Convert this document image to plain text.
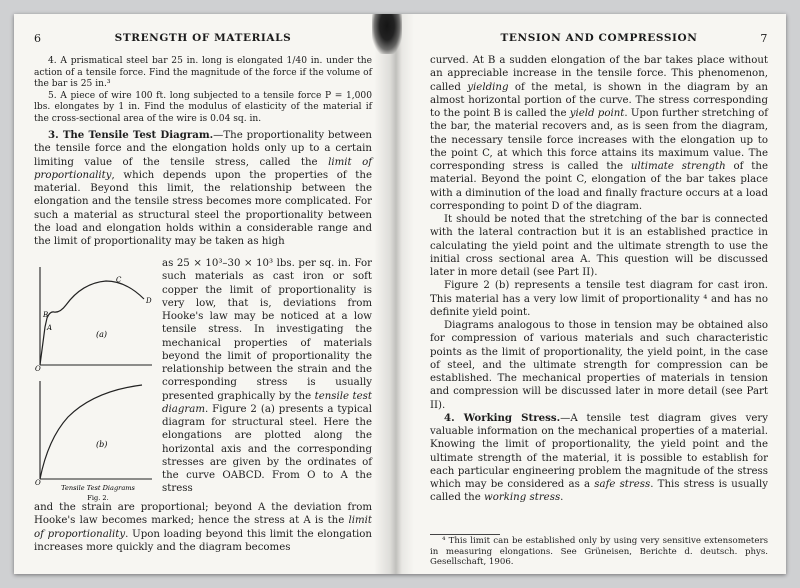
6	STRENGTH OF MATERIALS

4. A prismatical steel bar 25 in. long is elongated 1/40 in. under the action of a tensile force. Find the magnitude of the force if the volume of the bar is 25 in.³

5. A piece of wire 100 ft. long subjected to a tensile force P = 1,000 lbs. elongates by 1 in. Find the modulus of elasticity of the material if the cross-sectional area of the wire is 0.04 sq. in.

3. The Tensile Test Diagram.—The proportionality between the tensile force and the elongation holds only up to a certain limiting value of the tensile stress, called the limit of proportionality, which depends upon the properties of the material. Beyond this limit, the relationship between the elongation and the tensile stress becomes more complicated. For such a material as structural steel the proportionality between the load and elongation holds within a considerable range and the limit of proportionality may be taken as high

O
A
B
C
D
(a)
O
(b)
Tensile Test Diagrams
Fig. 2.

as 25 × 10³–30 × 10³ lbs. per sq. in. For such materials as cast iron or soft copper the limit of proportionality is very low, that is, deviations from Hooke's law may be noticed at a low tensile stress. In investigating the mechanical properties of materials beyond the limit of proportionality the relationship between the strain and the corresponding stress is usually presented graphically by the tensile test diagram. Figure 2 (a) presents a typical diagram for structural steel. Here the elongations are plotted along the horizontal axis and the corresponding stresses are given by the ordinates of the curve OABCD. From O to A the stress

and the strain are proportional; beyond A the deviation from Hooke's law becomes marked; hence the stress at A is the limit of proportionality. Upon loading beyond this limit the elongation increases more quickly and the diagram becomes

TENSION AND COMPRESSION	7

curved. At B a sudden elongation of the bar takes place without an appreciable increase in the tensile force. This phenomenon, called yielding of the metal, is shown in the diagram by an almost horizontal portion of the curve. The stress corresponding to the point B is called the yield point. Upon further stretching of the bar, the material recovers and, as is seen from the diagram, the necessary tensile force increases with the elongation up to the point C, at which this force attains its maximum value. The corresponding stress is called the ultimate strength of the material. Beyond the point C, elongation of the bar takes place with a diminution of the load and finally fracture occurs at a load corresponding to point D of the diagram.

It should be noted that the stretching of the bar is connected with the lateral contraction but it is an established practice in calculating the yield point and the ultimate strength to use the initial cross sectional area A. This question will be discussed later in more detail (see Part II).

Figure 2 (b) represents a tensile test diagram for cast iron. This material has a very low limit of proportionality ⁴ and has no definite yield point.

Diagrams analogous to those in tension may be obtained also for compression of various materials and such characteristic points as the limit of proportionality, the yield point, in the case of steel, and the ultimate strength for compression can be established. The mechanical properties of materials in tension and compression will be discussed later in more detail (see Part II).

4. Working Stress.—A tensile test diagram gives very valuable information on the mechanical properties of a material. Knowing the limit of proportionality, the yield point and the ultimate strength of the material, it is possible to establish for each particular engineering problem the magnitude of the stress which may be considered as a safe stress. This stress is usually called the working stress.

⁴ This limit can be established only by using very sensitive extensometers in measuring elongations. See Grüneisen, Berichte d. deutsch. phys. Gesellschaft, 1906.
